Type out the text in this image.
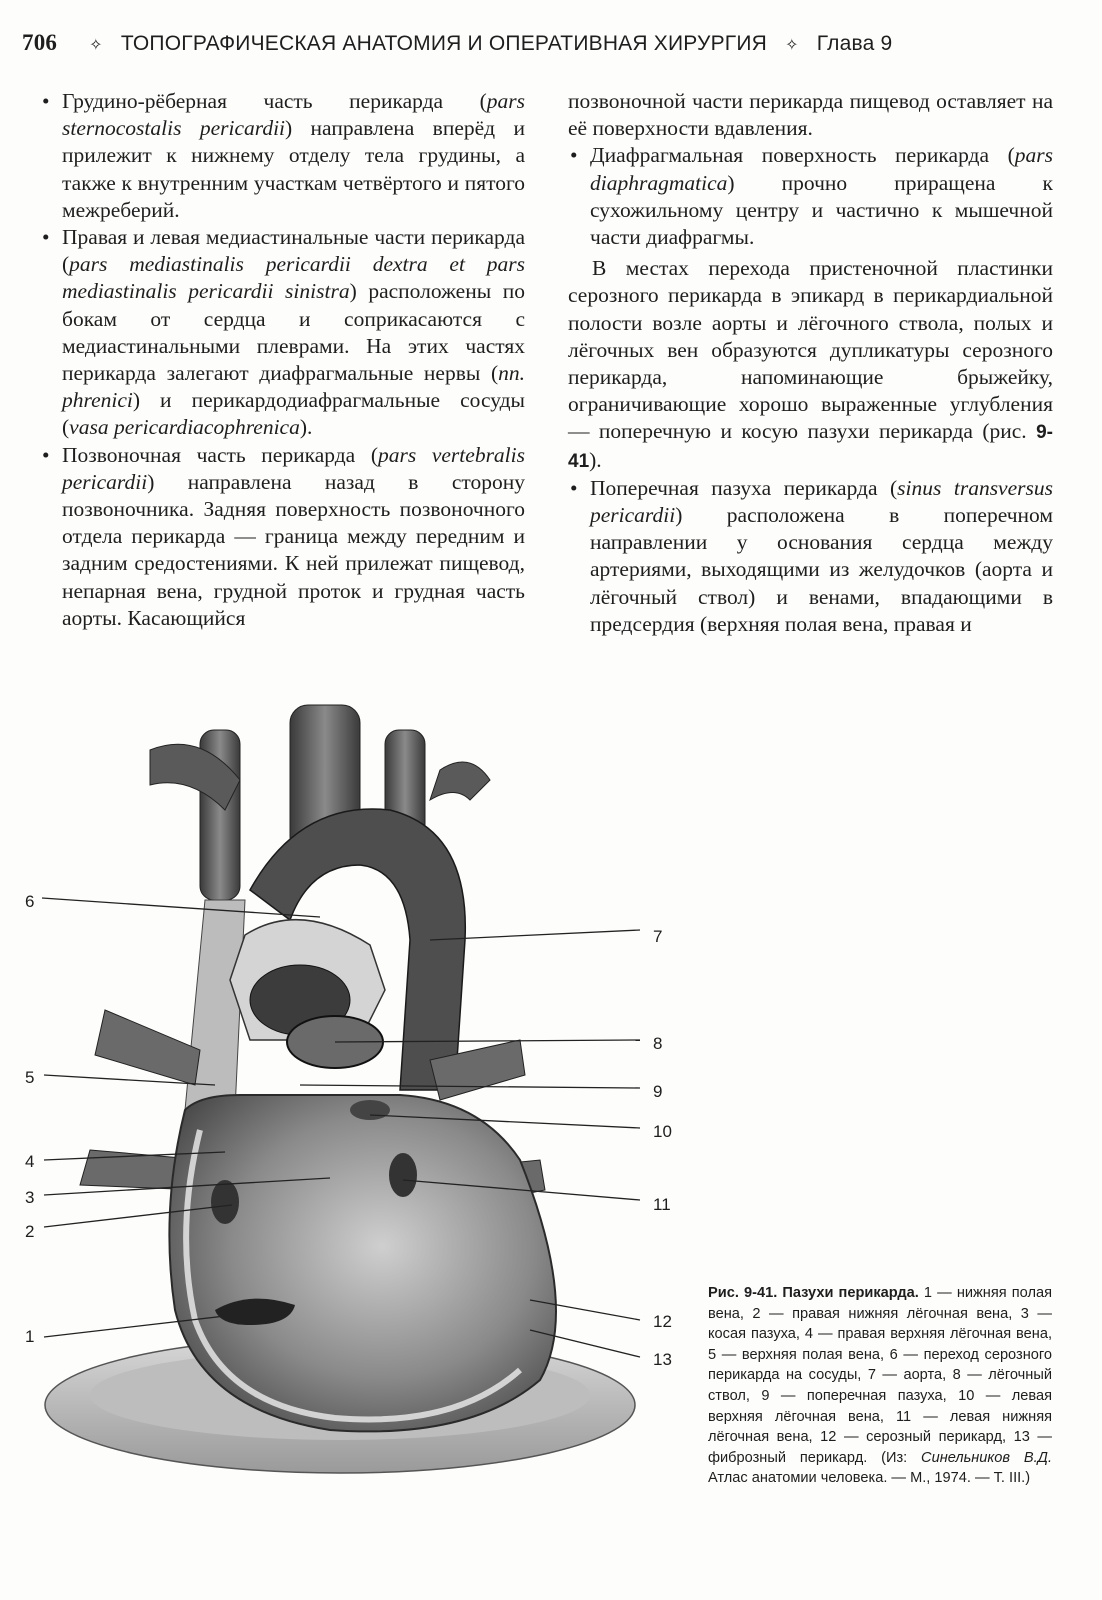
706 ✧ ТОПОГРАФИЧЕСКАЯ АНАТОМИЯ И ОПЕРАТИВНАЯ ХИРУРГИЯ ✧ Глава 9

• Грудино-рёберная часть перикарда (pars sternocostalis pericardii) направлена вперёд и прилежит к нижнему отделу тела грудины, а также к внутренним участкам четвёртого и пятого межреберий.

• Правая и левая медиастинальные части перикарда (pars mediastinalis pericardii dextra et pars mediastinalis pericardii sinistra) расположены по бокам от сердца и соприкасаются с медиастинальными плеврами. На этих частях перикарда залегают диафрагмальные нервы (nn. phrenici) и перикардодиафрагмальные сосуды (vasa pericardiacophrenica).

• Позвоночная часть перикарда (pars vertebralis pericardii) направлена назад в сторону позвоночника. Задняя поверхность позвоночного отдела перикарда — граница между передним и задним средостениями. К ней прилежат пищевод, непарная вена, грудной проток и грудная часть аорты. Касающийся

позвоночной части перикарда пищевод оставляет на её поверхности вдавления.

• Диафрагмальная поверхность перикарда (pars diaphragmatica) прочно приращена к сухожильному центру и частично к мышечной части диафрагмы.

В местах перехода пристеночной пластинки серозного перикарда в эпикард в перикардиальной полости возле аорты и лёгочного ствола, полых и лёгочных вен образуются дупликатуры серозного перикарда, напоминающие брыжейку, ограничивающие хорошо выраженные углубления — поперечную и косую пазухи перикарда (рис. 9-41).

• Поперечная пазуха перикарда (sinus transversus pericardii) расположена в поперечном направлении у основания сердца между артериями, выходящими из желудочков (аорта и лёгочный ствол) и венами, впадающими в предсердия (верхняя полая вена, правая и

6
7
8
5
9
10
4
3	11
2
12
1
13
Рис. 9-41. Пазухи перикарда. 1 — нижняя полая вена, 2 — правая нижняя лёгочная вена, 3 — косая пазуха, 4 — правая верхняя лёгочная вена, 5 — верхняя полая вена, 6 — переход серозного перикарда на сосуды, 7 — аорта, 8 — лёгочный ствол, 9 — поперечная пазуха, 10 — левая верхняя лёгочная вена, 11 — левая нижняя лёгочная вена, 12 — серозный перикард, 13 — фиброзный перикард. (Из: Синельников В.Д. Атлас анатомии человека. — М., 1974. — Т. III.)
